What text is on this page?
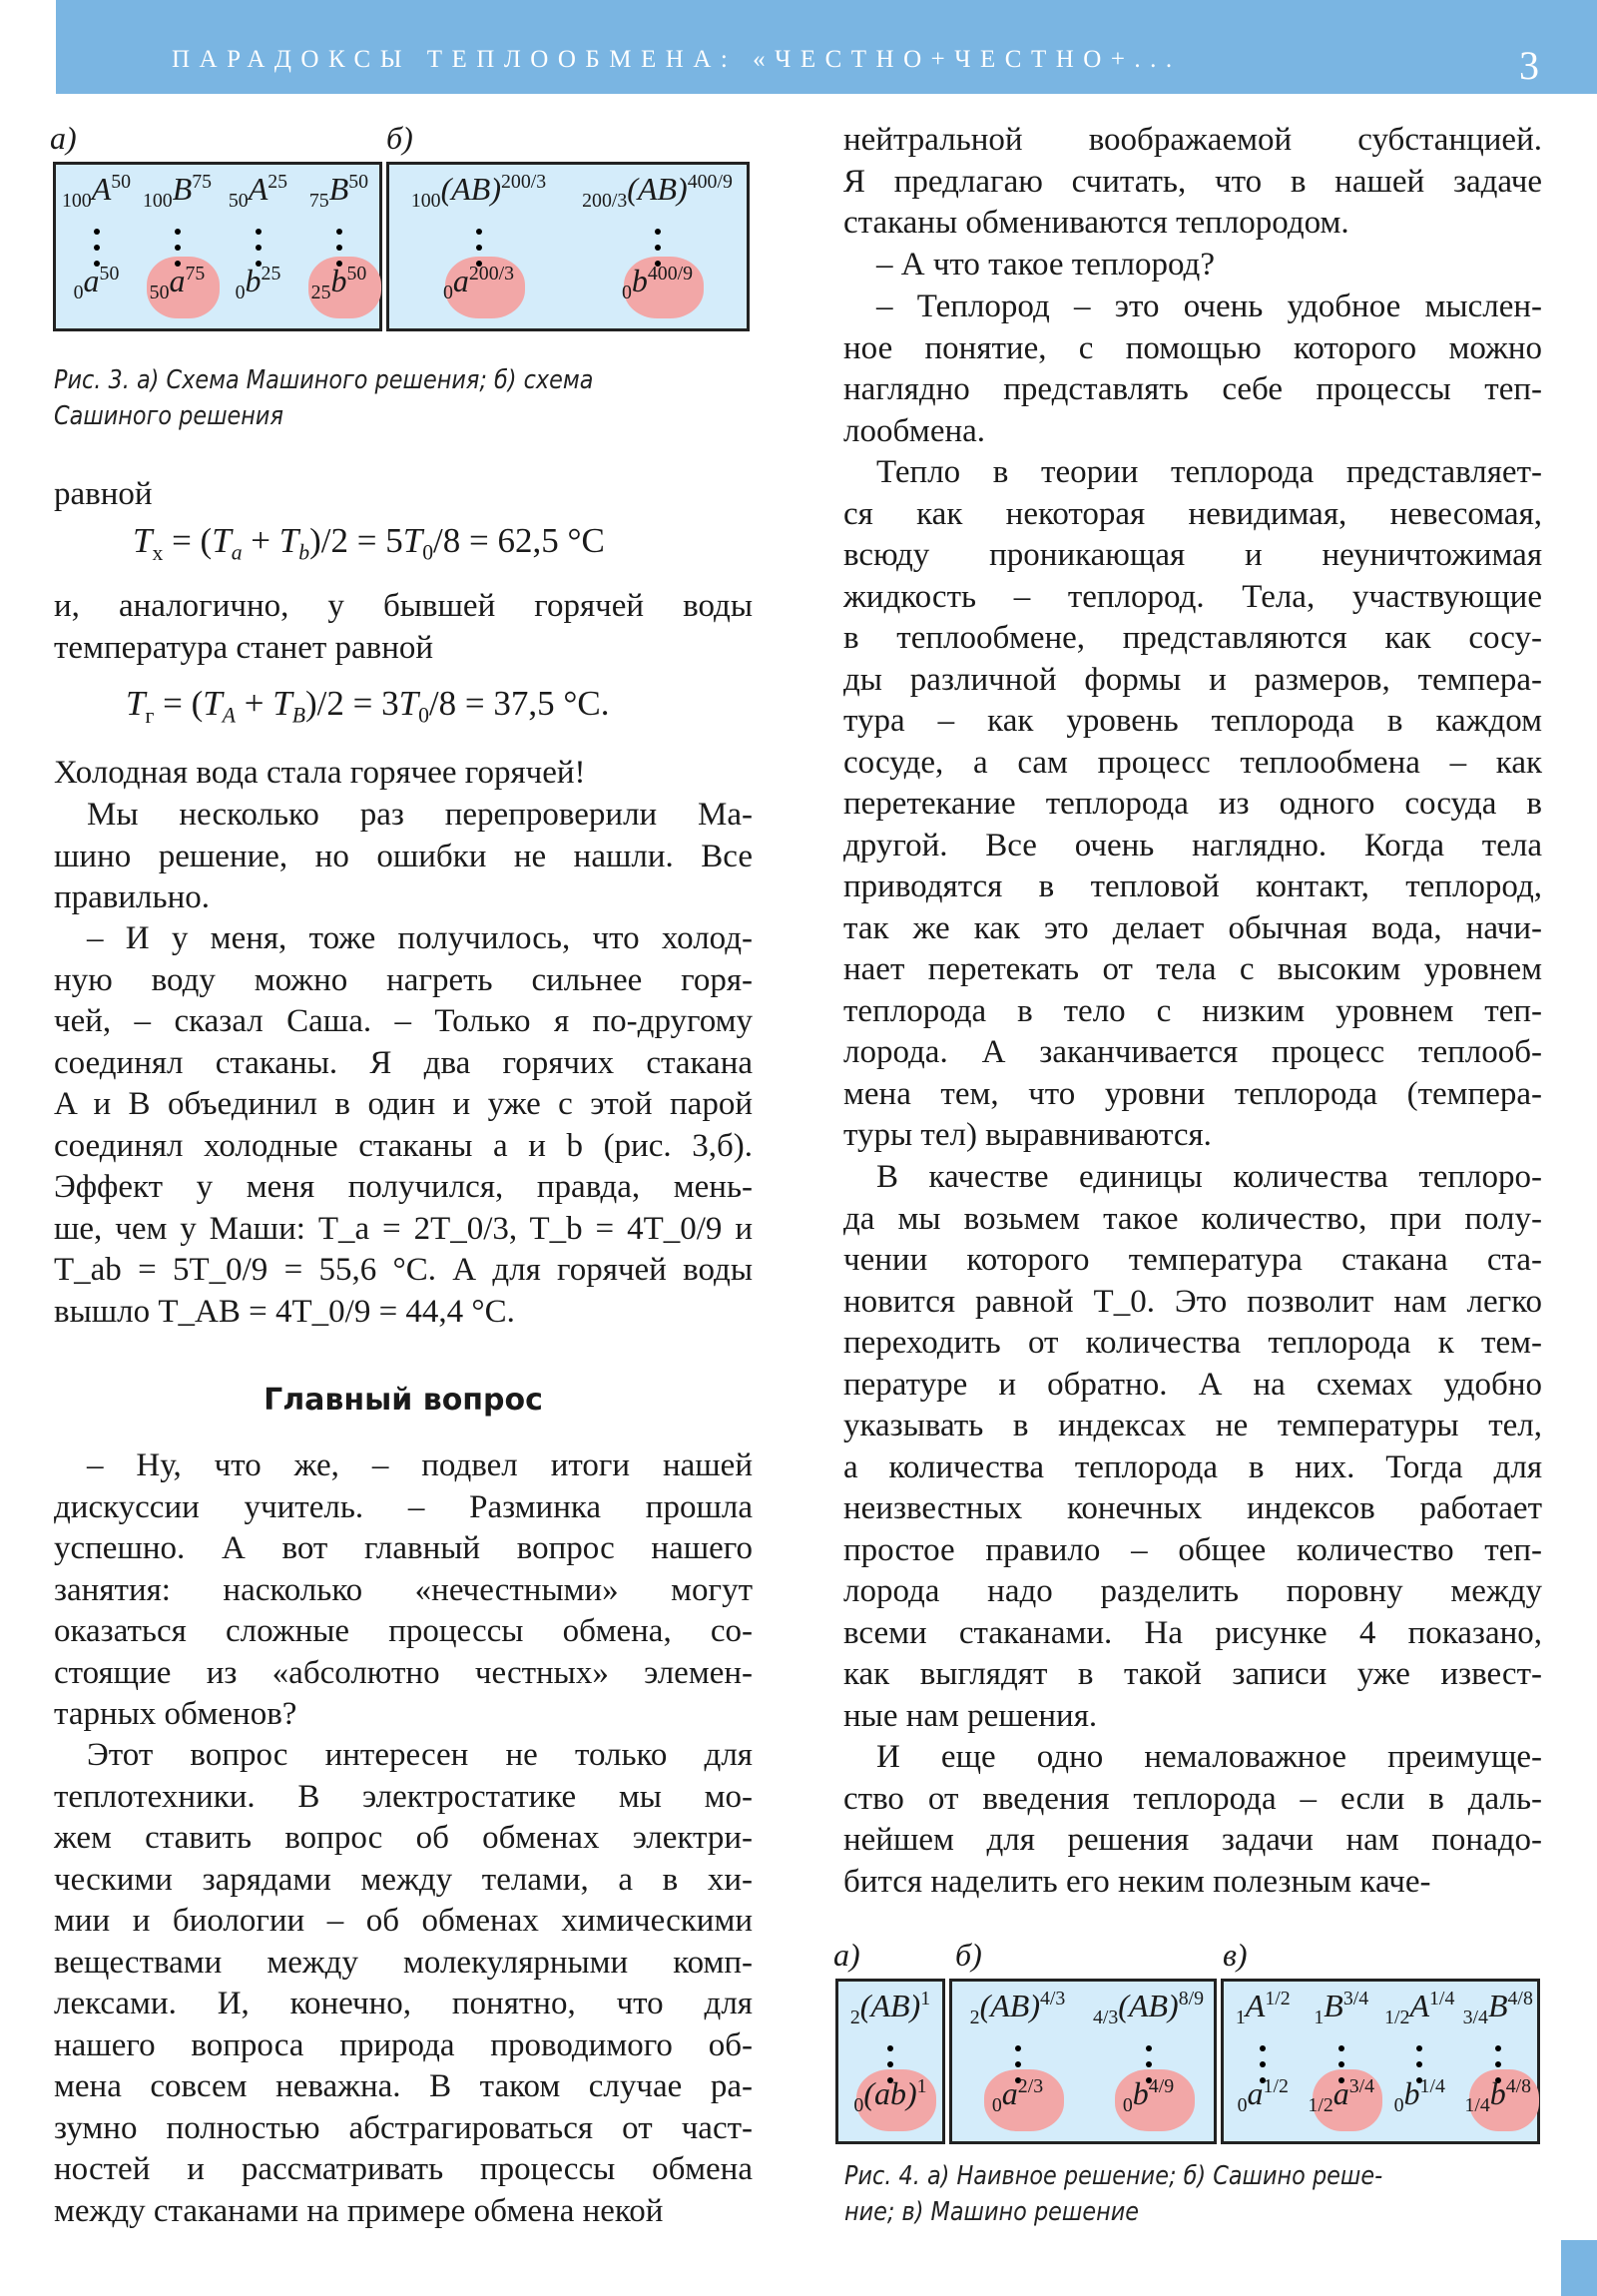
ПАРАДОКСЫ ТЕПЛООБМЕНА: «ЧЕСТНО+ЧЕСТНО+...	3
а)	б)
$_{100}A^{50}$
$_0a^{50}$
$_{100}B^{75}$
$_{50}a^{75}$
$_{50}A^{25}$
$_0b^{25}$
$_{75}B^{50}$
$_{25}b^{50}$
$_{100}$(AB)$^{200/3}$
$_0a^{200/3}$
$_{200/3}$(AB)$^{400/9}$
$_0b^{400/9}$
Рис. 3. а) Схема Машиного решения; б) схема
Сашиного решения
равной
$T_х = (T_a + T_b)/2 = 5T_0/8 = 62,5$ °C
и, аналогично, у бывшей горячей воды
температура станет равной
$T_г = (T_A + T_B)/2 = 3T_0/8 = 37,5$ °C.
Холодная вода стала горячее горячей!
Мы несколько раз перепроверили Ма-
шино решение, но ошибки не нашли. Все
правильно.
– И у меня, тоже получилось, что холод-
ную воду можно нагреть сильнее горя-
чей, – сказал Саша. – Только я по-другому
соединял стаканы. Я два горячих стакана
A и B объединил в один и уже с этой парой
соединял холодные стаканы a и b (рис. 3,б).
Эффект у меня получился, правда, мень-
ше, чем у Маши: T_a = 2T_0/3, T_b = 4T_0/9 и
T_ab = 5T_0/9 = 55,6 °C. А для горячей воды
вышло T_AB = 4T_0/9 = 44,4 °C.
Главный вопрос
– Ну, что же, – подвел итоги нашей
дискуссии учитель. – Разминка прошла
успешно. А вот главный вопрос нашего
занятия: насколько «нечестными» могут
оказаться сложные процессы обмена, со-
стоящие из «абсолютно честных» элемен-
тарных обменов?
Этот вопрос интересен не только для
теплотехники. В электростатике мы мо-
жем ставить вопрос об обменах электри-
ческими зарядами между телами, а в хи-
мии и биологии – об обменах химическими
веществами между молекулярными комп-
лексами. И, конечно, понятно, что для
нашего вопроса природа проводимого об-
мена совсем неважна. В таком случае ра-
зумно полностью абстрагироваться от част-
ностей и рассматривать процессы обмена
между стаканами на примере обмена некой
нейтральной воображаемой субстанцией.
Я предлагаю считать, что в нашей задаче
стаканы обмениваются теплородом.
– А что такое теплород?
– Теплород – это очень удобное мыслен-
ное понятие, с помощью которого можно
наглядно представлять себе процессы теп-
лообмена.
Тепло в теории теплорода представляет-
ся как некоторая невидимая, невесомая,
всюду проникающая и неуничтожимая
жидкость – теплород. Тела, участвующие
в теплообмене, представляются как сосу-
ды различной формы и размеров, темпера-
тура – как уровень теплорода в каждом
сосуде, а сам процесс теплообмена – как
перетекание теплорода из одного сосуда в
другой. Все очень наглядно. Когда тела
приводятся в тепловой контакт, теплород,
так же как это делает обычная вода, начи-
нает перетекать от тела с высоким уровнем
теплорода в тело с низким уровнем теп-
лорода. А заканчивается процесс теплооб-
мена тем, что уровни теплорода (темпера-
туры тел) выравниваются.
В качестве единицы количества теплоро-
да мы возьмем такое количество, при полу-
чении которого температура стакана ста-
новится равной T_0. Это позволит нам легко
переходить от количества теплорода к тем-
пературе и обратно. А на схемах удобно
указывать в индексах не температуры тел,
а количества теплорода в них. Тогда для
неизвестных конечных индексов работает
простое правило – общее количество теп-
лорода надо разделить поровну между
всеми стаканами. На рисунке 4 показано,
как выглядят в такой записи уже извест-
ные нам решения.
И еще одно немаловажное преимуще-
ство от введения теплорода – если в даль-
нейшем для решения задачи нам понадо-
бится наделить его неким полезным каче-
а)	б)	в)
$_2$(AB)$^1$
$_0$(ab)$^1$
$_2$(AB)$^{4/3}$
$_0a^{2/3}$
$_{4/3}$(AB)$^{8/9}$
$_0b^{4/9}$
$_1A^{1/2}$
$_0a^{1/2}$
$_1B^{3/4}$
$_{1/2}a^{3/4}$
$_{1/2}A^{1/4}$
$_0b^{1/4}$
$_{3/4}B^{4/8}$
$_{1/4}b^{4/8}$
Рис. 4. а) Наивное решение; б) Сашино реше-
ние; в) Машино решение
